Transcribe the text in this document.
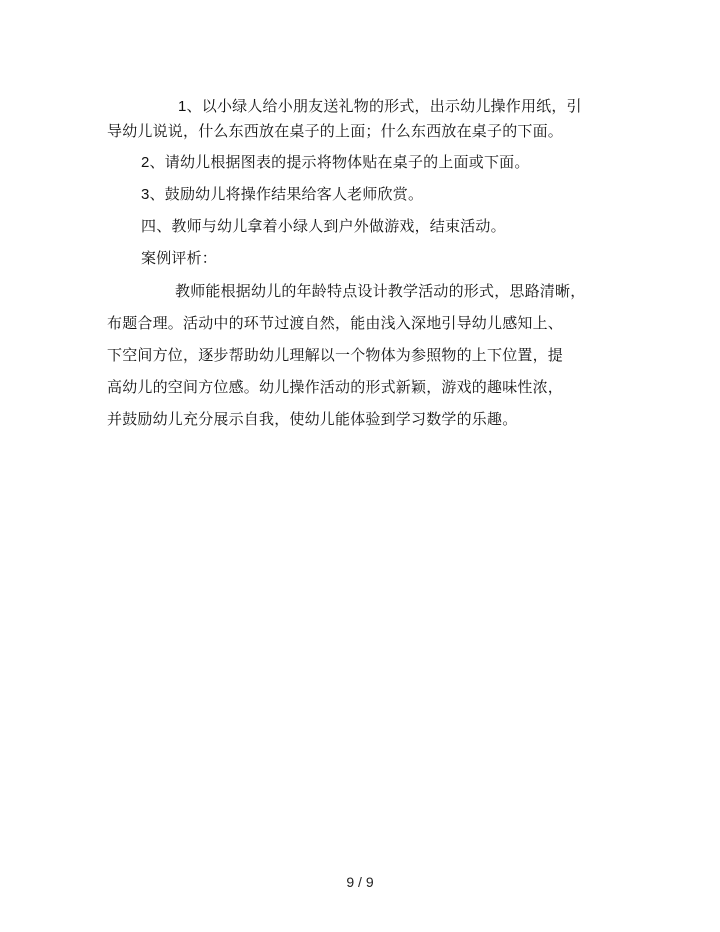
1、以小绿人给小朋友送礼物的形式，出示幼儿操作用纸，引
导幼儿说说，什么东西放在桌子的上面；什么东西放在桌子的下面。
2、请幼儿根据图表的提示将物体贴在桌子的上面或下面。
3、鼓励幼儿将操作结果给客人老师欣赏。
四、教师与幼儿拿着小绿人到户外做游戏，结束活动。
案例评析：
教师能根据幼儿的年龄特点设计教学活动的形式，思路清晰，
布题合理。活动中的环节过渡自然，能由浅入深地引导幼儿感知上、
下空间方位，逐步帮助幼儿理解以一个物体为参照物的上下位置，提
高幼儿的空间方位感。幼儿操作活动的形式新颖，游戏的趣味性浓，
并鼓励幼儿充分展示自我，使幼儿能体验到学习数学的乐趣。
9 / 9
